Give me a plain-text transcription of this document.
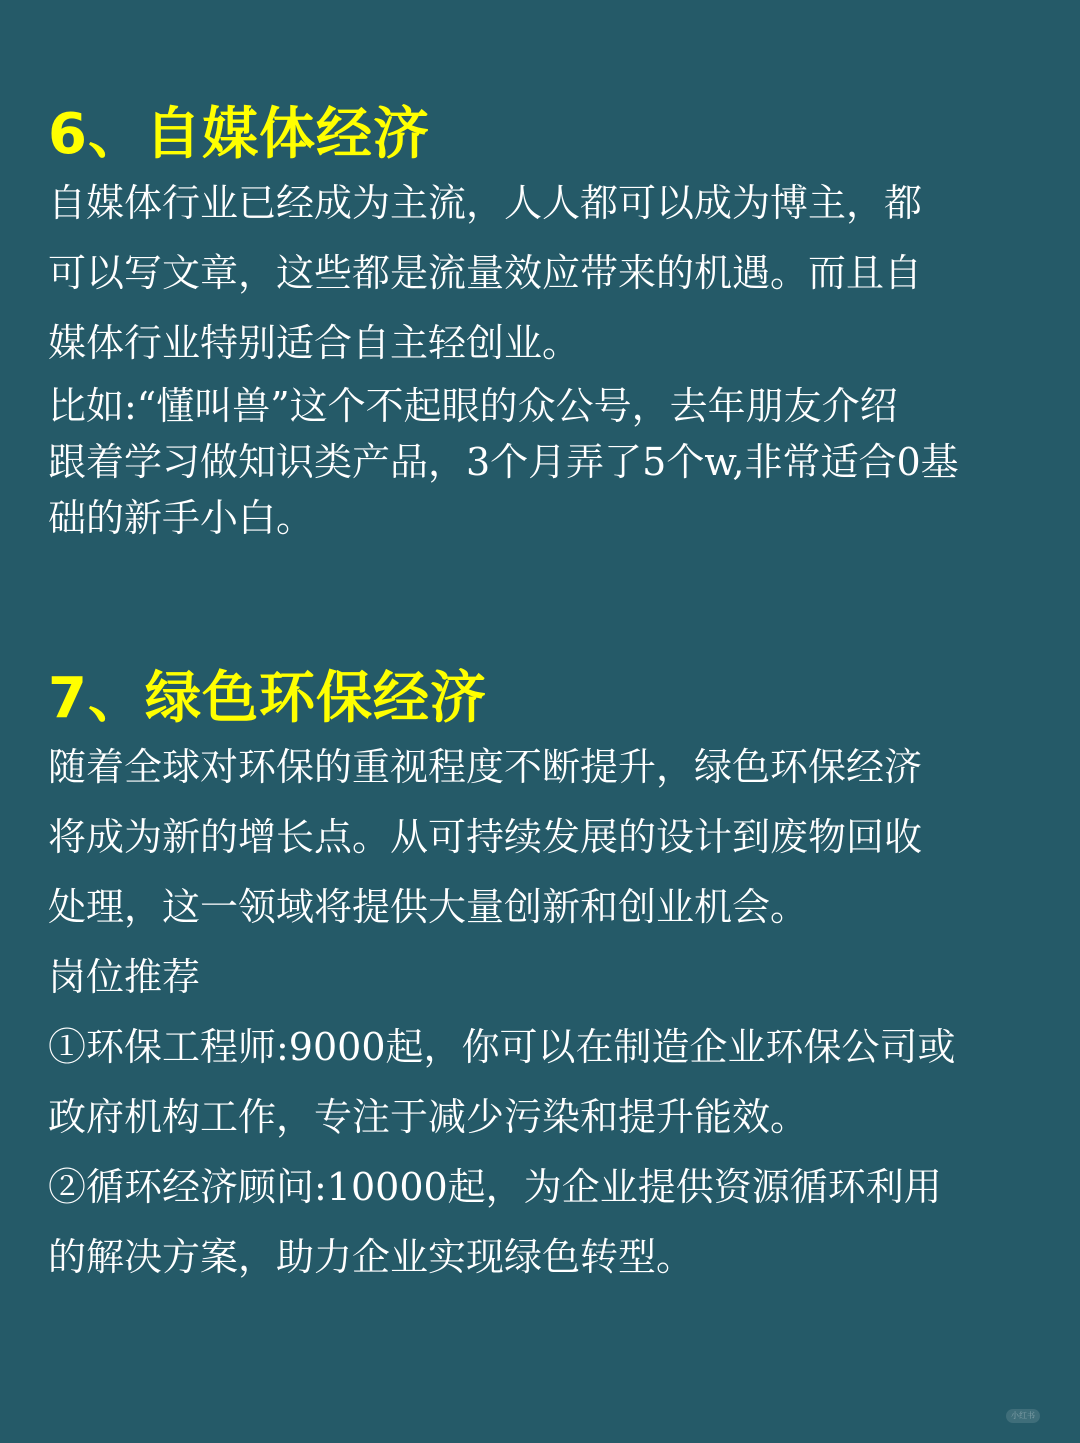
6、自媒体经济

自媒体行业已经成为主流，人人都可以成为博主，都
可以写文章，这些都是流量效应带来的机遇。而且自
媒体行业特别适合自主轻创业。

比如:“懂叫兽”这个不起眼的众公号，去年朋友介绍
跟着学习做知识类产品，3个月弄了5个w,非常适合0基
础的新手小白。

7、绿色环保经济

随着全球对环保的重视程度不断提升，绿色环保经济
将成为新的增长点。从可持续发展的设计到废物回收
处理，这一领域将提供大量创新和创业机会。

岗位推荐

①环保工程师:9000起，你可以在制造企业环保公司或
政府机构工作，专注于减少污染和提升能效。

②循环经济顾问:10000起，为企业提供资源循环利用
的解决方案，助力企业实现绿色转型。

小红书
